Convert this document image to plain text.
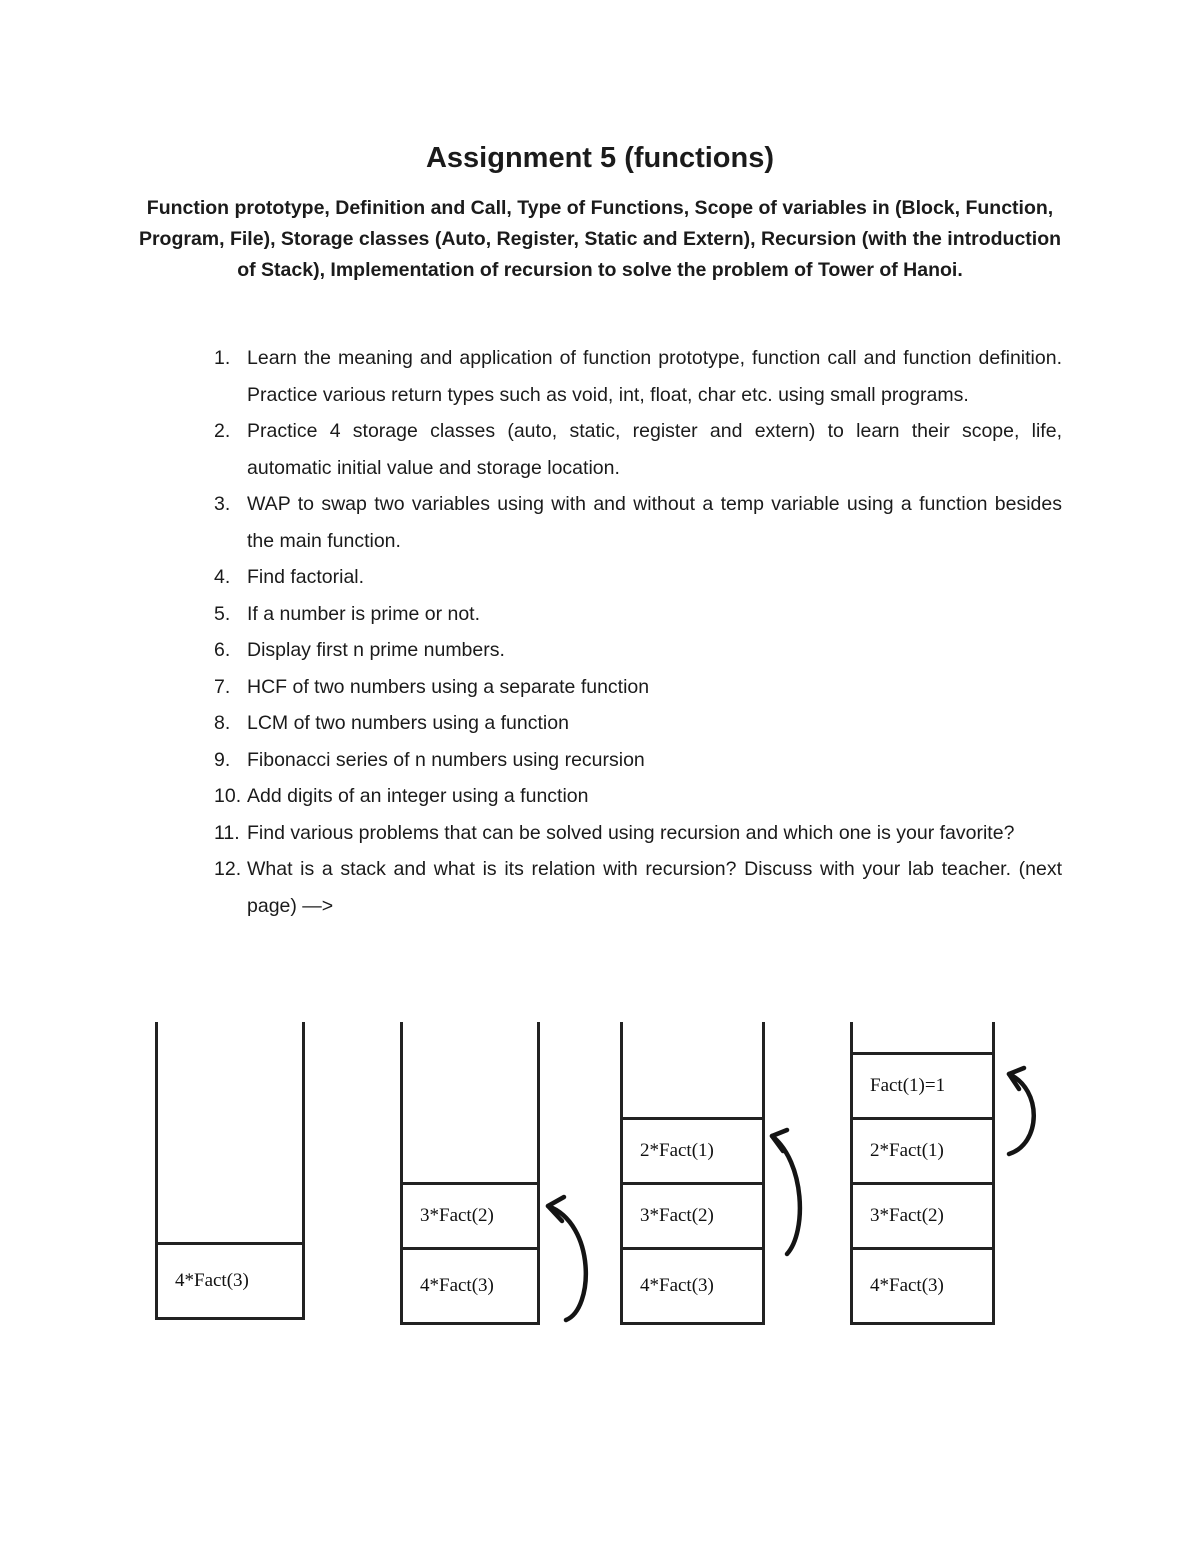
Assignment 5 (functions)

Function prototype, Definition and Call, Type of Functions, Scope of variables in (Block, Function, Program, File), Storage classes (Auto, Register, Static and Extern), Recursion (with the introduction of Stack), Implementation of recursion to solve the problem of Tower of Hanoi.

1. Learn the meaning and application of function prototype, function call and function definition. Practice various return types such as void, int, float, char etc. using small programs.
2. Practice 4 storage classes (auto, static, register and extern) to learn their scope, life, automatic initial value and storage location.
3. WAP to swap two variables using with and without a temp variable using a function besides the main function.
4. Find factorial.
5. If a number is prime or not.
6. Display first n prime numbers.
7. HCF of two numbers using a separate function
8. LCM of two numbers using a function
9. Fibonacci series of n numbers using recursion
10. Add digits of an integer using a function
11. Find various problems that can be solved using recursion and which one is your favorite?
12. What is a stack and what is its relation with recursion? Discuss with your lab teacher. (next page) —>
4*Fact(3)
3*Fact(2)
4*Fact(3)
2*Fact(1)
3*Fact(2)
4*Fact(3)
Fact(1)=1
2*Fact(1)
3*Fact(2)
4*Fact(3)
